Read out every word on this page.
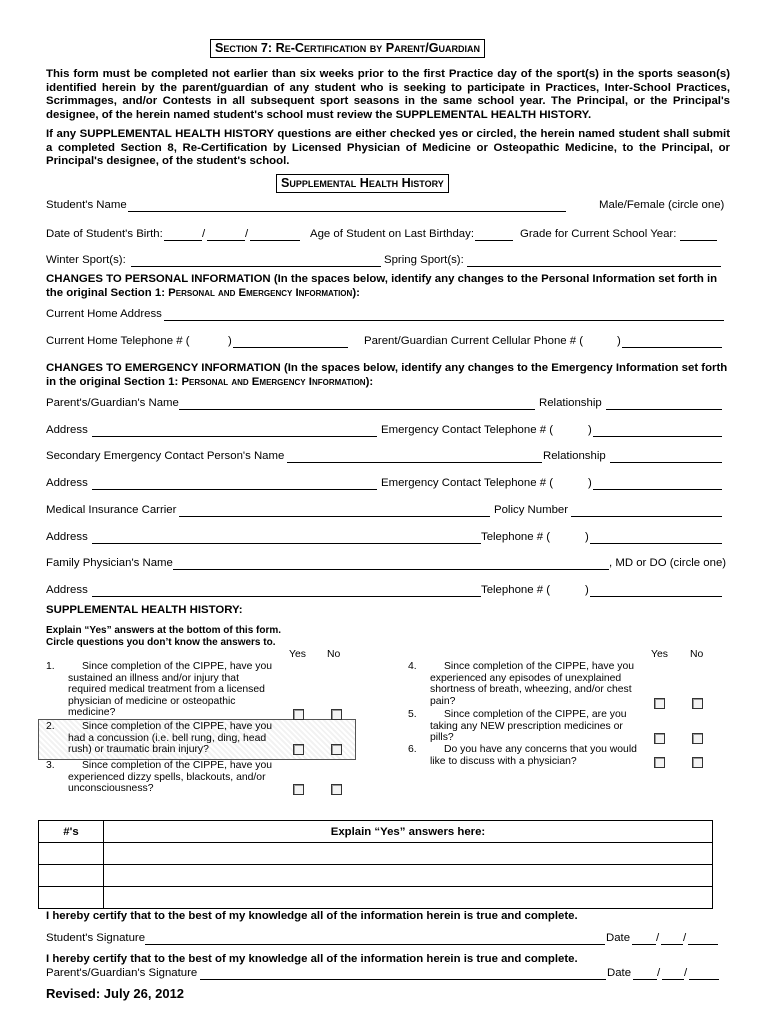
Section 7: Re-Certification by Parent/Guardian
This form must be completed not earlier than six weeks prior to the first Practice day of the sport(s) in the sports season(s) identified herein by the parent/guardian of any student who is seeking to participate in Practices, Inter-School Practices, Scrimmages, and/or Contests in all subsequent sport seasons in the same school year. The Principal, or the Principal's designee, of the herein named student's school must review the SUPPLEMENTAL HEALTH HISTORY.
If any SUPPLEMENTAL HEALTH HISTORY questions are either checked yes or circled, the herein named student shall submit a completed Section 8, Re-Certification by Licensed Physician of Medicine or Osteopathic Medicine, to the Principal, or Principal's designee, of the student's school.
Supplemental Health History
Student's Name	Male/Female (circle one)
Date of Student's Birth:	/	/	Age of Student on Last Birthday:	Grade for Current School Year:
Winter Sport(s):	Spring Sport(s):
CHANGES TO PERSONAL INFORMATION (In the spaces below, identify any changes to the Personal Information set forth in
the original Section 1: Personal and Emergency Information):
Current Home Address
Current Home Telephone # (	)	Parent/Guardian Current Cellular Phone # (	)
CHANGES TO EMERGENCY INFORMATION (In the spaces below, identify any changes to the Emergency Information set forth
in the original Section 1: Personal and Emergency Information):
Parent's/Guardian's Name	Relationship
Address	Emergency Contact Telephone # (	)
Secondary Emergency Contact Person's Name	Relationship
Address	Emergency Contact Telephone # (	)
Medical Insurance Carrier	Policy Number
Address	Telephone # (	)
Family Physician's Name	, MD or DO (circle one)
Address	Telephone # (	)
SUPPLEMENTAL HEALTH HISTORY:
Explain “Yes” answers at the bottom of this form.
Circle questions you don’t know the answers to.
Yes No	Yes No
1.	Since completion of the CIPPE, have you sustained an illness and/or injury that required medical treatment from a licensed physician of medicine or osteopathic medicine?
2.	Since completion of the CIPPE, have you had a concussion (i.e. bell rung, ding, head rush) or traumatic brain injury?
3.	Since completion of the CIPPE, have you experienced dizzy spells, blackouts, and/or unconsciousness?
4.	Since completion of the CIPPE, have you experienced any episodes of unexplained shortness of breath, wheezing, and/or chest pain?
5.	Since completion of the CIPPE, are you taking any NEW prescription medicines or pills?
6.	Do you have any concerns that you would like to discuss with a physician?
#'s	Explain “Yes” answers here:

I hereby certify that to the best of my knowledge all of the information herein is true and complete.
Student's Signature	Date / /
I hereby certify that to the best of my knowledge all of the information herein is true and complete.
Parent's/Guardian's Signature	Date / /
Revised: July 26, 2012
